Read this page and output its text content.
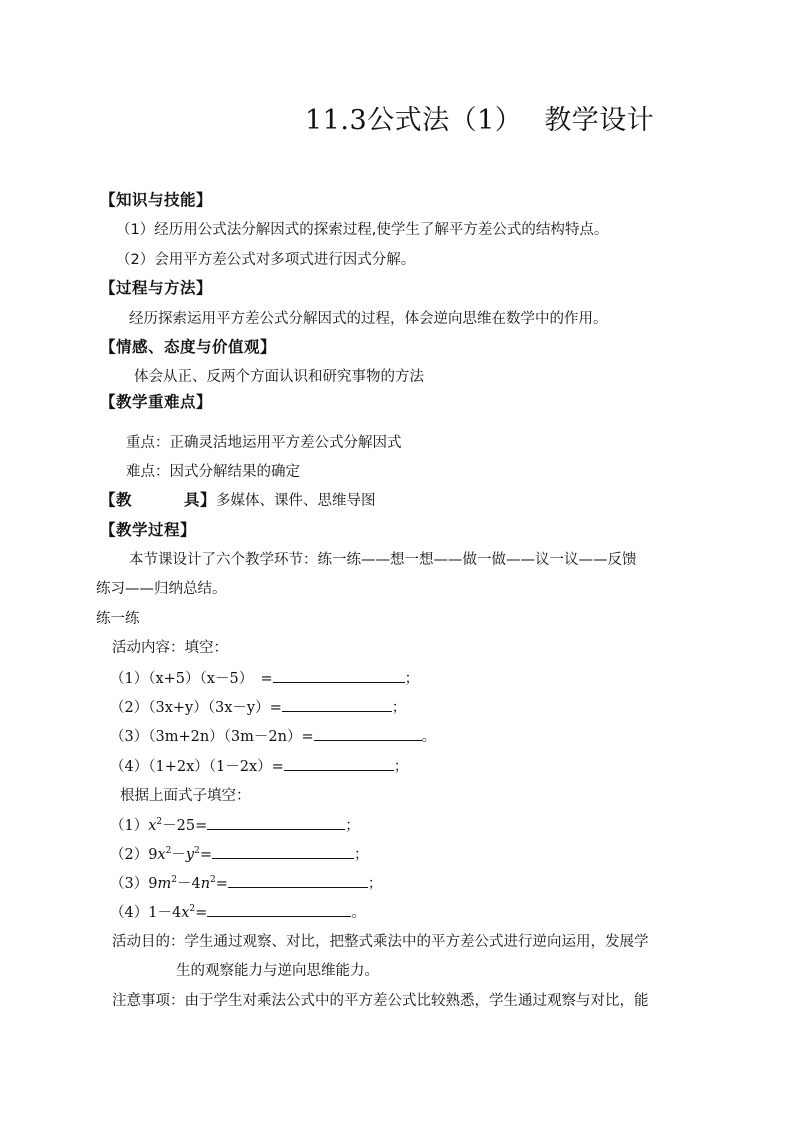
11.3公式法（1） 教学设计
【知识与技能】
（1）经历用公式法分解因式的探索过程,使学生了解平方差公式的结构特点。
（2）会用平方差公式对多项式进行因式分解。
【过程与方法】
经历探索运用平方差公式分解因式的过程，体会逆向思维在数学中的作用。
【情感、态度与价值观】
体会从正、反两个方面认识和研究事物的方法
【教学重难点】
重点：正确灵活地运用平方差公式分解因式
难点：因式分解结果的确定
【教	具】多媒体、课件、思维导图
【教学过程】
本节课设计了六个教学环节：练一练——想一想——做一做——议一议——反馈
练习——归纳总结。
练一练
活动内容：填空：
（1）（x+5）（x－5）　=	；
（2）（3x+y）（3x－y）=	；
（3）（3m+2n）（3m－2n）=	。
（4）（1+2x）（1－2x）=	；
根据上面式子填空：
$(1)x^2-25=$	；
$(2)9x^2-y^2=$	；
$(3)9m^2-4n^2=$	；
$(4)1-4x^2=$	。
活动目的：学生通过观察、对比，把整式乘法中的平方差公式进行逆向运用，发展学
生的观察能力与逆向思维能力。
注意事项：由于学生对乘法公式中的平方差公式比较熟悉，学生通过观察与对比，能
